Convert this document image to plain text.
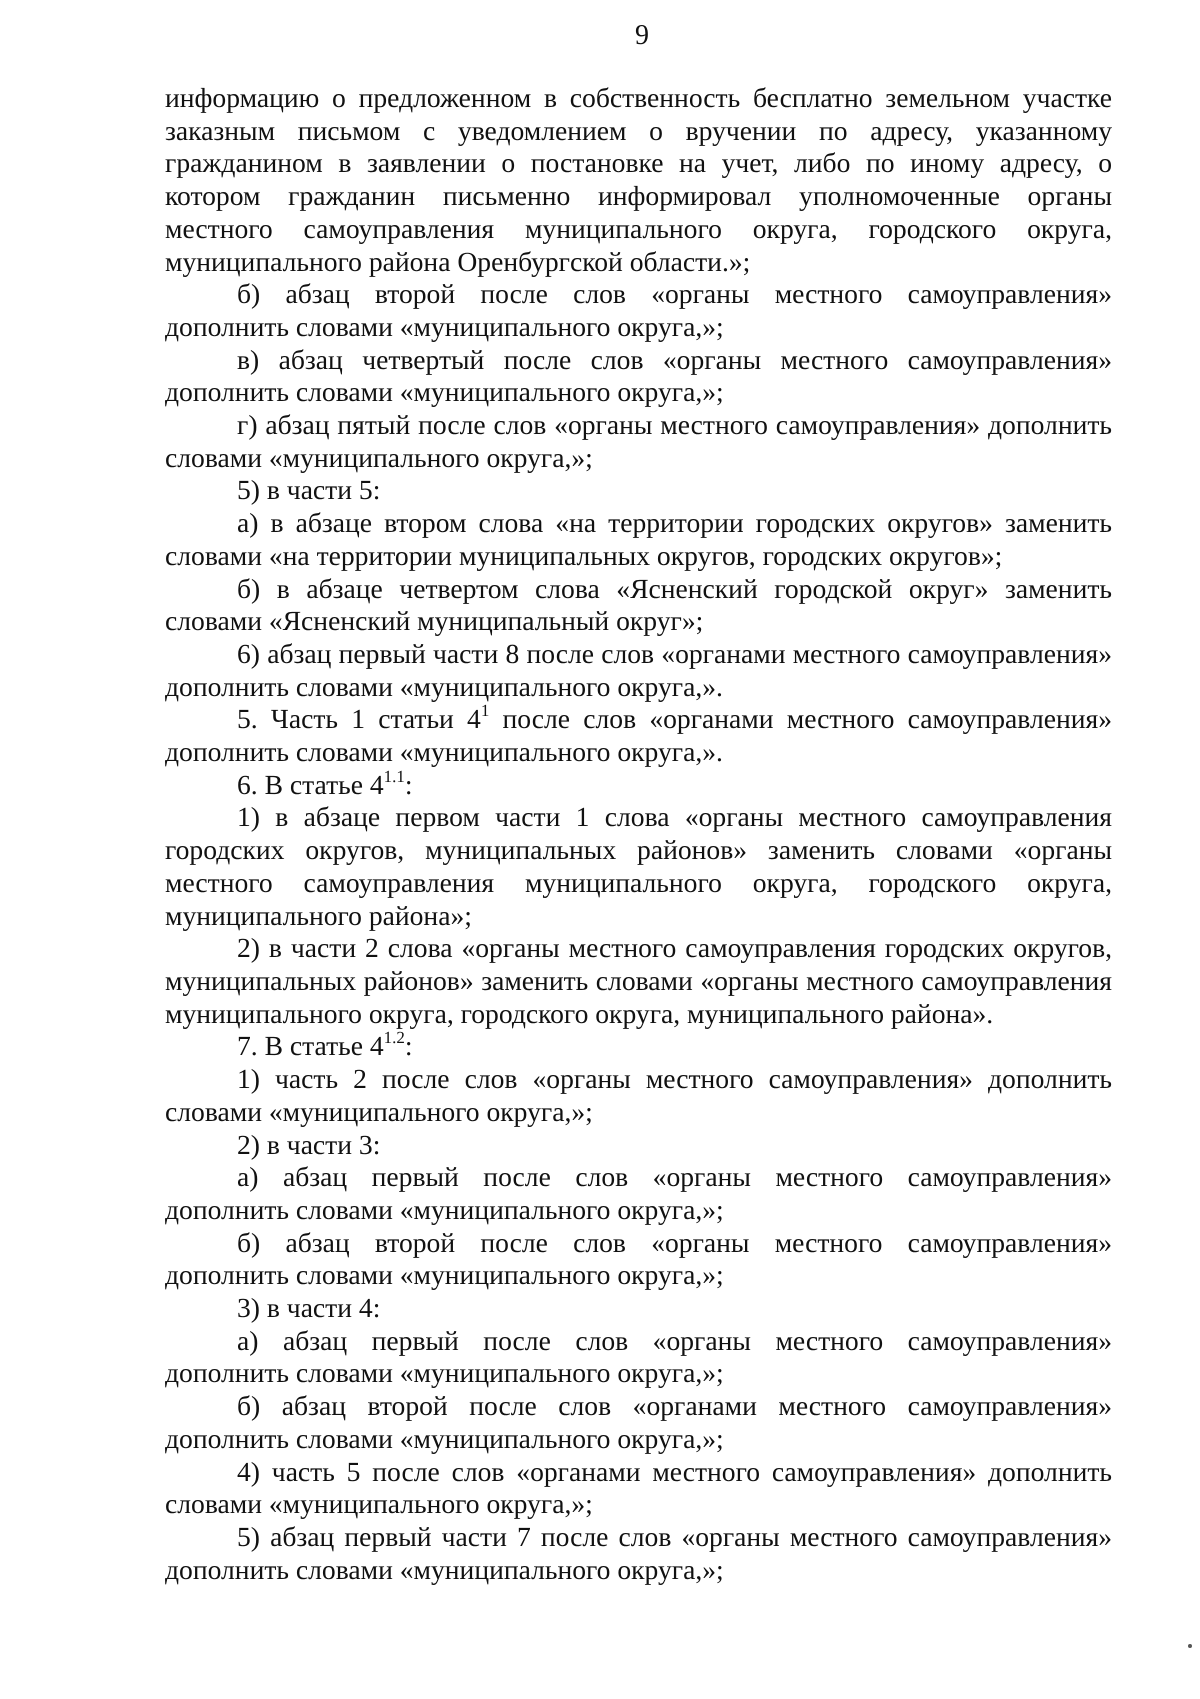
9

информацию о предложенном в собственность бесплатно земельном участке заказным письмом с уведомлением о вручении по адресу, указанному гражданином в заявлении о постановке на учет, либо по иному адресу, о котором гражданин письменно информировал уполномоченные органы местного самоуправления муниципального округа, городского округа, муниципального района Оренбургской области.»;

б) абзац второй после слов «органы местного самоуправления» дополнить словами «муниципального округа,»;

в) абзац четвертый после слов «органы местного самоуправления» дополнить словами «муниципального округа,»;

г) абзац пятый после слов «органы местного самоуправления» дополнить словами «муниципального округа,»;

5) в части 5:

а) в абзаце втором слова «на территории городских округов» заменить словами «на территории муниципальных округов, городских округов»;

б) в абзаце четвертом слова «Ясненский городской округ» заменить словами «Ясненский муниципальный округ»;

6) абзац первый части 8 после слов «органами местного самоуправления» дополнить словами «муниципального округа,».

5. Часть 1 статьи $4^1$ после слов «органами местного самоуправления» дополнить словами «муниципального округа,».

6. В статье $4^{1.1}$:

1) в абзаце первом части 1 слова «органы местного самоуправления городских округов, муниципальных районов» заменить словами «органы местного самоуправления муниципального округа, городского округа, муниципального района»;

2) в части 2 слова «органы местного самоуправления городских округов, муниципальных районов» заменить словами «органы местного самоуправления муниципального округа, городского округа, муниципального района».

7. В статье $4^{1.2}$:

1) часть 2 после слов «органы местного самоуправления» дополнить словами «муниципального округа,»;

2) в части 3:

а) абзац первый после слов «органы местного самоуправления» дополнить словами «муниципального округа,»;

б) абзац второй после слов «органы местного самоуправления» дополнить словами «муниципального округа,»;

3) в части 4:

а) абзац первый после слов «органы местного самоуправления» дополнить словами «муниципального округа,»;

б) абзац второй после слов «органами местного самоуправления» дополнить словами «муниципального округа,»;

4) часть 5 после слов «органами местного самоуправления» дополнить словами «муниципального округа,»;

5) абзац первый части 7 после слов «органы местного самоуправления» дополнить словами «муниципального округа,»;
